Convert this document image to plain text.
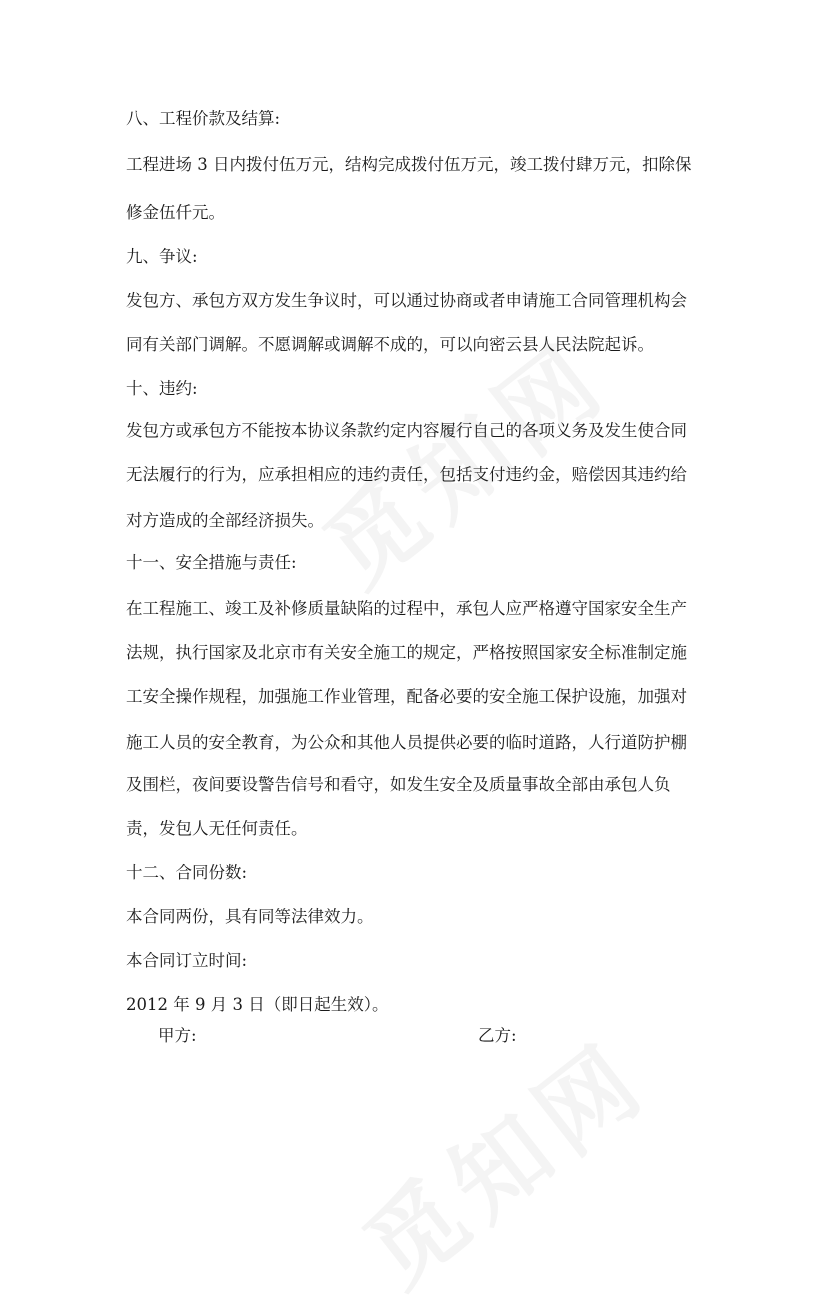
八、工程价款及结算:

工程进场 3 日内拨付伍万元，结构完成拨付伍万元，竣工拨付肆万元，扣除保

修金伍仟元。

九、争议:

发包方、承包方双方发生争议时，可以通过协商或者申请施工合同管理机构会

同有关部门调解。不愿调解或调解不成的，可以向密云县人民法院起诉。

十、违约:

发包方或承包方不能按本协议条款约定内容履行自己的各项义务及发生使合同

无法履行的行为，应承担相应的违约责任，包括支付违约金，赔偿因其违约给

对方造成的全部经济损失。

十一、安全措施与责任:

在工程施工、竣工及补修质量缺陷的过程中，承包人应严格遵守国家安全生产

法规，执行国家及北京市有关安全施工的规定，严格按照国家安全标准制定施

工安全操作规程，加强施工作业管理，配备必要的安全施工保护设施，加强对

施工人员的安全教育，为公众和其他人员提供必要的临时道路，人行道防护棚

及围栏，夜间要设警告信号和看守，如发生安全及质量事故全部由承包人负

责，发包人无任何责任。

十二、合同份数:

本合同两份，具有同等法律效力。

本合同订立时间:

2012 年 9 月 3 日（即日起生效）。

甲方:	乙方:
